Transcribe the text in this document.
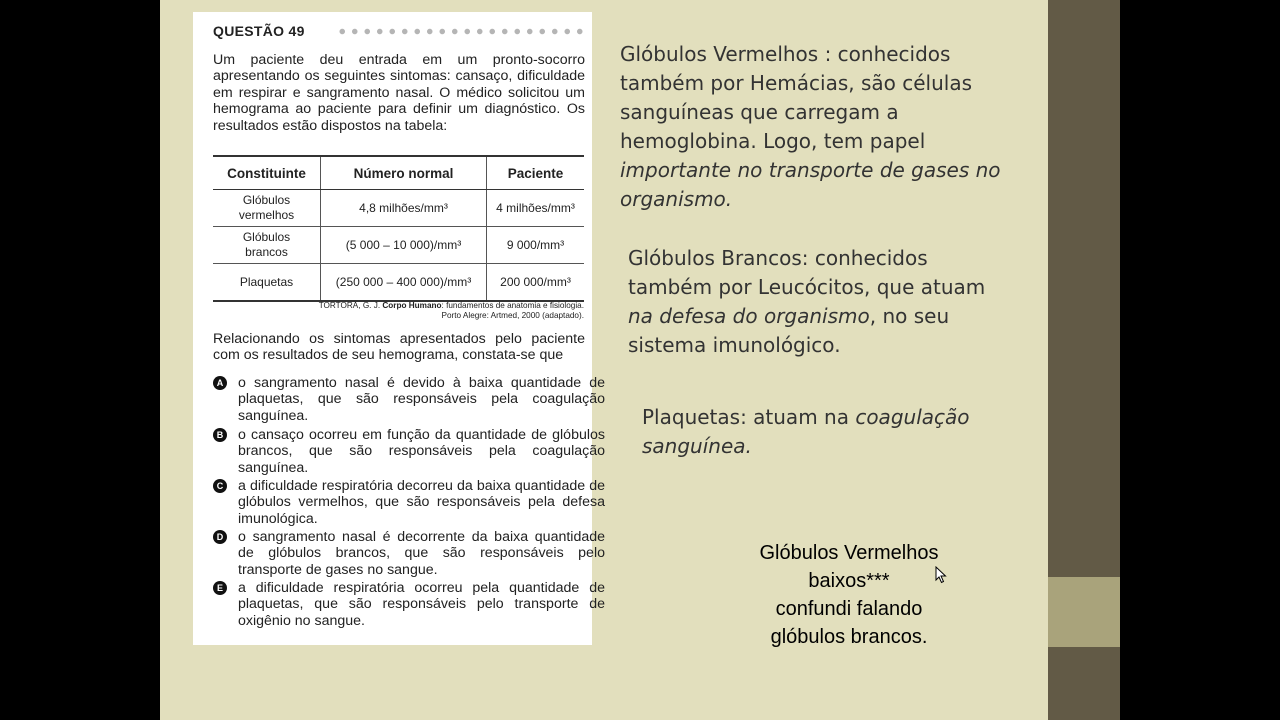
QUESTÃO 49
Um paciente deu entrada em um pronto-socorro apresentando os seguintes sintomas: cansaço, dificuldade em respirar e sangramento nasal. O médico solicitou um hemograma ao paciente para definir um diagnóstico. Os resultados estão dispostos na tabela:
Constituinte	Número normal	Paciente
Glóbulos vermelhos	4,8 milhões/mm³	4 milhões/mm³
Glóbulos brancos	(5 000 – 10 000)/mm³	9 000/mm³
Plaquetas	(250 000 – 400 000)/mm³	200 000/mm³
TORTORA, G. J. Corpo Humano: fundamentos de anatomia e fisiologia.
Porto Alegre: Artmed, 2000 (adaptado).
Relacionando os sintomas apresentados pelo paciente com os resultados de seu hemograma, constata-se que
A o sangramento nasal é devido à baixa quantidade de plaquetas, que são responsáveis pela coagulação sanguínea.
B o cansaço ocorreu em função da quantidade de glóbulos brancos, que são responsáveis pela coagulação sanguínea.
C a dificuldade respiratória decorreu da baixa quantidade de glóbulos vermelhos, que são responsáveis pela defesa imunológica.
D o sangramento nasal é decorrente da baixa quantidade de glóbulos brancos, que são responsáveis pelo transporte de gases no sangue.
E a dificuldade respiratória ocorreu pela quantidade de plaquetas, que são responsáveis pelo transporte de oxigênio no sangue.
Glóbulos Vermelhos : conhecidos também por Hemácias, são células sanguíneas que carregam a hemoglobina. Logo, tem papel importante no transporte de gases no organismo.
Glóbulos Brancos: conhecidos também por Leucócitos, que atuam na defesa do organismo, no seu sistema imunológico.
Plaquetas: atuam na coagulação sanguínea.
Glóbulos Vermelhos
baixos***
confundi falando
glóbulos brancos.
